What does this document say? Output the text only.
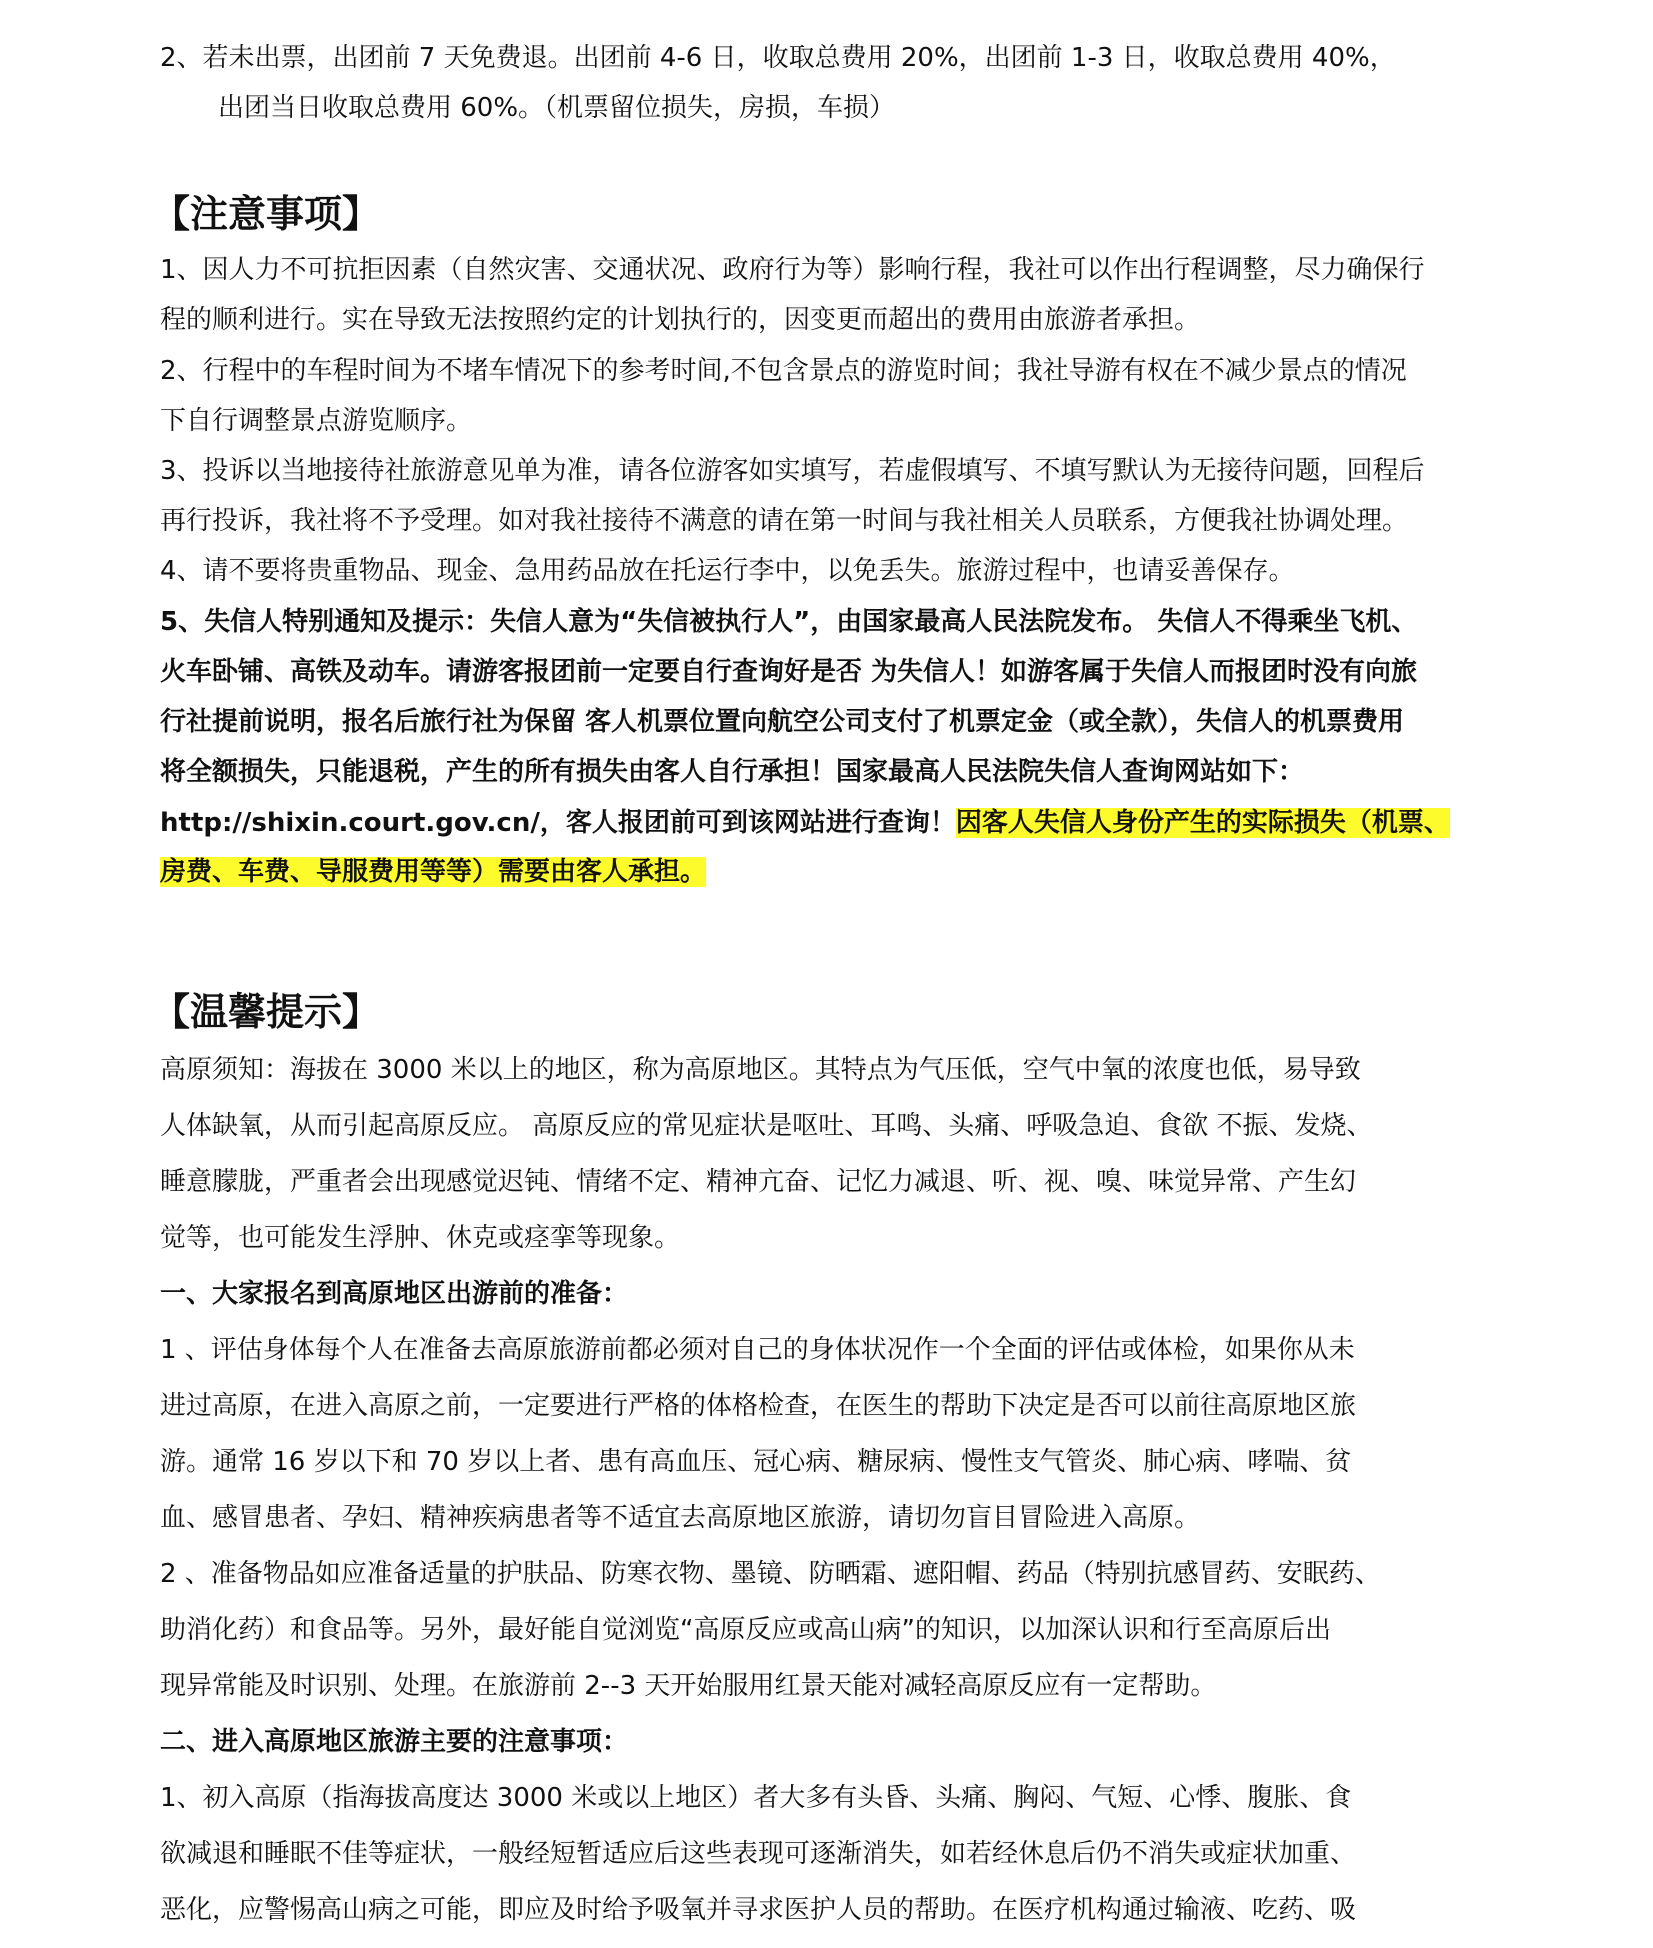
2、若未出票，出团前 7 天免费退。出团前 4-6 日，收取总费用 20%，出团前 1-3 日，收取总费用 40%，
出团当日收取总费用 60%。（机票留位损失，房损，车损）
【注意事项】
1、因人力不可抗拒因素（自然灾害、交通状况、政府行为等）影响行程，我社可以作出行程调整，尽力确保行
程的顺利进行。实在导致无法按照约定的计划执行的，因变更而超出的费用由旅游者承担。
2、行程中的车程时间为不堵车情况下的参考时间,不包含景点的游览时间；我社导游有权在不减少景点的情况
下自行调整景点游览顺序。
3、投诉以当地接待社旅游意见单为准，请各位游客如实填写，若虚假填写、不填写默认为无接待问题，回程后
再行投诉，我社将不予受理。如对我社接待不满意的请在第一时间与我社相关人员联系，方便我社协调处理。
4、请不要将贵重物品、现金、急用药品放在托运行李中，以免丢失。旅游过程中，也请妥善保存。
5、失信人特别通知及提示：失信人意为“失信被执行人”，由国家最高人民法院发布。 失信人不得乘坐飞机、
火车卧铺、高铁及动车。请游客报团前一定要自行查询好是否 为失信人！如游客属于失信人而报团时没有向旅
行社提前说明，报名后旅行社为保留 客人机票位置向航空公司支付了机票定金（或全款），失信人的机票费用
将全额损失，只能退税，产生的所有损失由客人自行承担！国家最高人民法院失信人查询网站如下：
http://shixin.court.gov.cn/，客人报团前可到该网站进行查询！因客人失信人身份产生的实际损失（机票、
房费、车费、导服费用等等）需要由客人承担。
【温馨提示】
高原须知：海拔在 3000 米以上的地区，称为高原地区。其特点为气压低，空气中氧的浓度也低，易导致
人体缺氧，从而引起高原反应。 高原反应的常见症状是呕吐、耳鸣、头痛、呼吸急迫、食欲 不振、发烧、
睡意朦胧，严重者会出现感觉迟钝、情绪不定、精神亢奋、记忆力减退、听、视、嗅、味觉异常、产生幻
觉等，也可能发生浮肿、休克或痉挛等现象。
一、大家报名到高原地区出游前的准备：
1 、评估身体每个人在准备去高原旅游前都必须对自己的身体状况作一个全面的评估或体检，如果你从未
进过高原，在进入高原之前，一定要进行严格的体格检查，在医生的帮助下决定是否可以前往高原地区旅
游。通常 16 岁以下和 70 岁以上者、患有高血压、冠心病、糖尿病、慢性支气管炎、肺心病、哮喘、贫
血、感冒患者、孕妇、精神疾病患者等不适宜去高原地区旅游，请切勿盲目冒险进入高原。
2 、准备物品如应准备适量的护肤品、防寒衣物、墨镜、防晒霜、遮阳帽、药品（特别抗感冒药、安眠药、
助消化药）和食品等。另外，最好能自觉浏览“高原反应或高山病”的知识，以加深认识和行至高原后出
现异常能及时识别、处理。在旅游前 2--3 天开始服用红景天能对减轻高原反应有一定帮助。
二、进入高原地区旅游主要的注意事项：
1、初入高原（指海拔高度达 3000 米或以上地区）者大多有头昏、头痛、胸闷、气短、心悸、腹胀、食
欲减退和睡眠不佳等症状，一般经短暂适应后这些表现可逐渐消失，如若经休息后仍不消失或症状加重、
恶化，应警惕高山病之可能，即应及时给予吸氧并寻求医护人员的帮助。在医疗机构通过输液、吃药、吸
